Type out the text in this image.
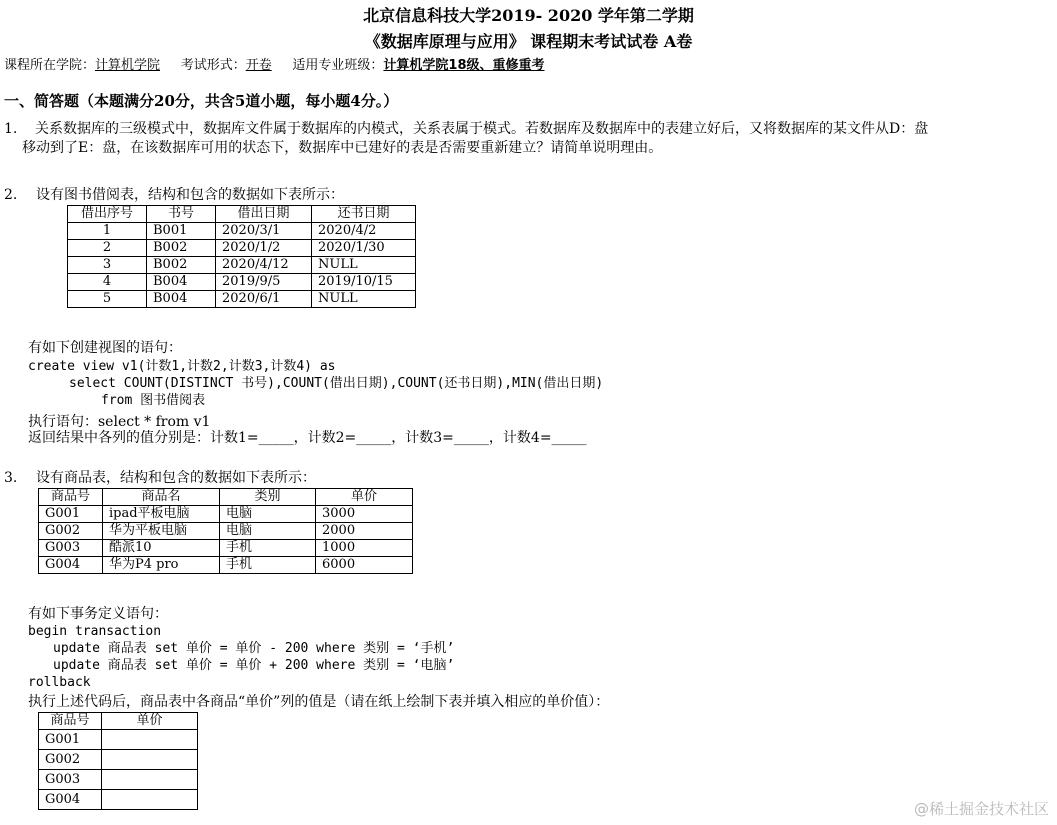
北京信息科技大学2019- 2020 学年第二学期
《数据库原理与应用》 课程期末考试试卷 A卷
课程所在学院：计算机学院 考试形式：开卷 适用专业班级：计算机学院18级、重修重考
一、简答题（本题满分20分，共含5道小题，每小题4分。）
1. 关系数据库的三级模式中，数据库文件属于数据库的内模式，关系表属于模式。若数据库及数据库中的表建立好后，又将数据库的某文件从D：盘
移动到了E：盘，在该数据库可用的状态下，数据库中已建好的表是否需要重新建立？请简单说明理由。
2. 设有图书借阅表，结构和包含的数据如下表所示：
借出序号	书号	借出日期	还书日期
1	B001	2020/3/1	2020/4/2
2	B002	2020/1/2	2020/1/30
3	B002	2020/4/12	NULL
4	B004	2019/9/5	2019/10/15
5	B004	2020/6/1	NULL
有如下创建视图的语句：
create view v1(计数1,计数2,计数3,计数4) as
select COUNT(DISTINCT 书号),COUNT(借出日期),COUNT(还书日期),MIN(借出日期)
from 图书借阅表
执行语句：select * from v1
返回结果中各列的值分别是：计数1=_____，计数2=_____，计数3=_____，计数4=_____
3. 设有商品表，结构和包含的数据如下表所示：
商品号	商品名	类别	单价
G001	ipad平板电脑	电脑	3000
G002	华为平板电脑	电脑	2000
G003	酷派10	手机	1000
G004	华为P4 pro	手机	6000
有如下事务定义语句：
begin transaction
update 商品表 set 单价 = 单价 - 200 where 类别 = ‘手机’
update 商品表 set 单价 = 单价 + 200 where 类别 = ‘电脑’
rollback
执行上述代码后，商品表中各商品“单价”列的值是（请在纸上绘制下表并填入相应的单价值）：
商品号	单价
G001	
G002	
G003	
G004	
@稀土掘金技术社区
